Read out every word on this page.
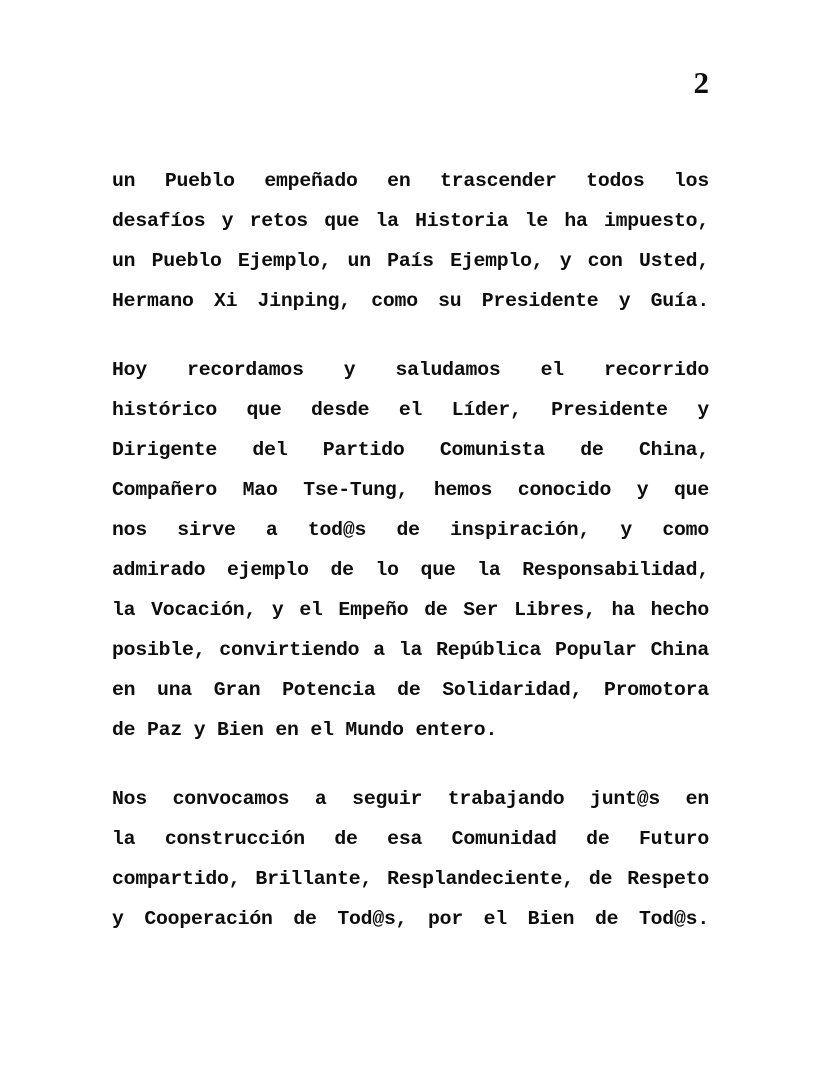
2
un Pueblo empeñado en trascender todos los
desafíos y retos que la Historia le ha impuesto,
un Pueblo Ejemplo, un País Ejemplo, y con Usted,
Hermano Xi Jinping, como su Presidente y Guía.
Hoy recordamos y saludamos el recorrido
histórico que desde el Líder, Presidente y
Dirigente del Partido Comunista de China,
Compañero Mao Tse-Tung, hemos conocido y que
nos sirve a tod@s de inspiración, y como
admirado ejemplo de lo que la Responsabilidad,
la Vocación, y el Empeño de Ser Libres, ha hecho
posible, convirtiendo a la República Popular China
en una Gran Potencia de Solidaridad, Promotora
de Paz y Bien en el Mundo entero.
Nos convocamos a seguir trabajando junt@s en
la construcción de esa Comunidad de Futuro
compartido, Brillante, Resplandeciente, de Respeto
y Cooperación de Tod@s, por el Bien de Tod@s.
